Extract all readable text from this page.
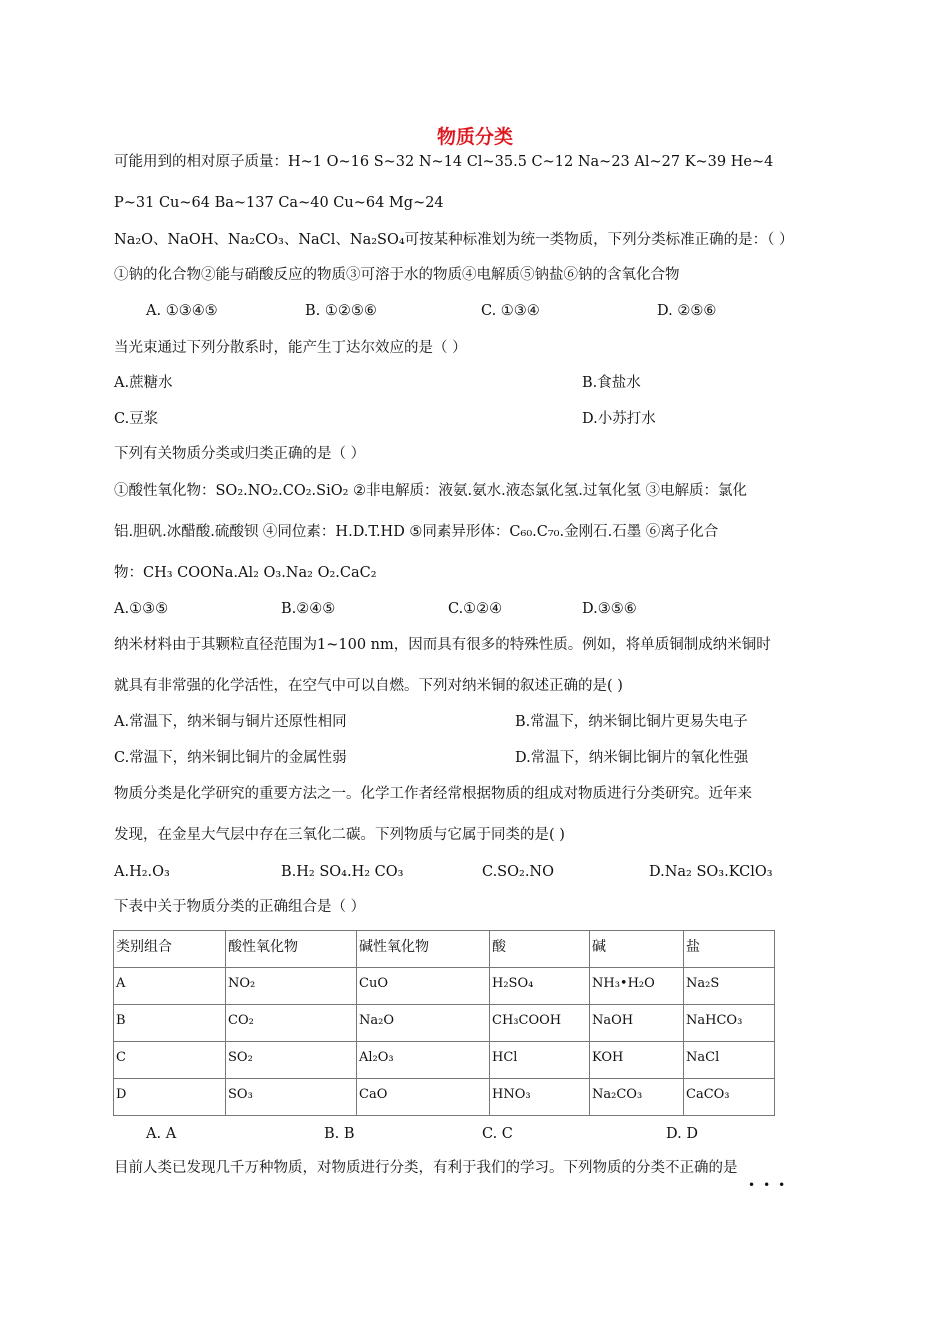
物质分类
可能用到的相对原子质量：H~1 O~16 S~32 N~14 Cl~35.5 C~12 Na~23 Al~27 K~39 He~4
P~31 Cu~64 Ba~137 Ca~40 Cu~64 Mg~24
Na₂O、NaOH、Na₂CO₃、NaCl、Na₂SO₄可按某种标准划为统一类物质，下列分类标准正确的是：（ ）
①钠的化合物②能与硝酸反应的物质③可溶于水的物质④电解质⑤钠盐⑥钠的含氧化合物
A. ①③④⑤	B. ①②⑤⑥	C. ①③④	D. ②⑤⑥
当光束通过下列分散系时，能产生丁达尔效应的是（ ）
A.蔗糖水	B.食盐水
C.豆浆	D.小苏打水
下列有关物质分类或归类正确的是（ ）
①酸性氧化物：SO₂.NO₂.CO₂.SiO₂ ②非电解质：液氨.氨水.液态氯化氢.过氧化氢 ③电解质：氯化
铝.胆矾.冰醋酸.硫酸钡 ④同位素：H.D.T.HD ⑤同素异形体：C₆₀.C₇₀.金刚石.石墨 ⑥离子化合
物：CH₃ COONa.Al₂ O₃.Na₂ O₂.CaC₂
A.①③⑤	B.②④⑤	C.①②④	D.③⑤⑥
纳米材料由于其颗粒直径范围为1~100 nm，因而具有很多的特殊性质。例如，将单质铜制成纳米铜时
就具有非常强的化学活性，在空气中可以自燃。下列对纳米铜的叙述正确的是( )
A.常温下，纳米铜与铜片还原性相同	B.常温下，纳米铜比铜片更易失电子
C.常温下，纳米铜比铜片的金属性弱	D.常温下，纳米铜比铜片的氧化性强
物质分类是化学研究的重要方法之一。化学工作者经常根据物质的组成对物质进行分类研究。近年来
发现，在金星大气层中存在三氧化二碳。下列物质与它属于同类的是( )
A.H₂.O₃	B.H₂ SO₄.H₂ CO₃	C.SO₂.NO	D.Na₂ SO₃.KClO₃
下表中关于物质分类的正确组合是（ ）
类别组合	酸性氧化物	碱性氧化物	酸	碱	盐
A	NO₂	CuO	H₂SO₄	NH₃•H₂O	Na₂S
B	CO₂	Na₂O	CH₃COOH	NaOH	NaHCO₃
C	SO₂	Al₂O₃	HCl	KOH	NaCl
D	SO₃	CaO	HNO₃	Na₂CO₃	CaCO₃
A. A	B. B	C. C	D. D
目前人类已发现几千万种物质，对物质进行分类，有利于我们的学习。下列物质的分类不正确的是
•••
